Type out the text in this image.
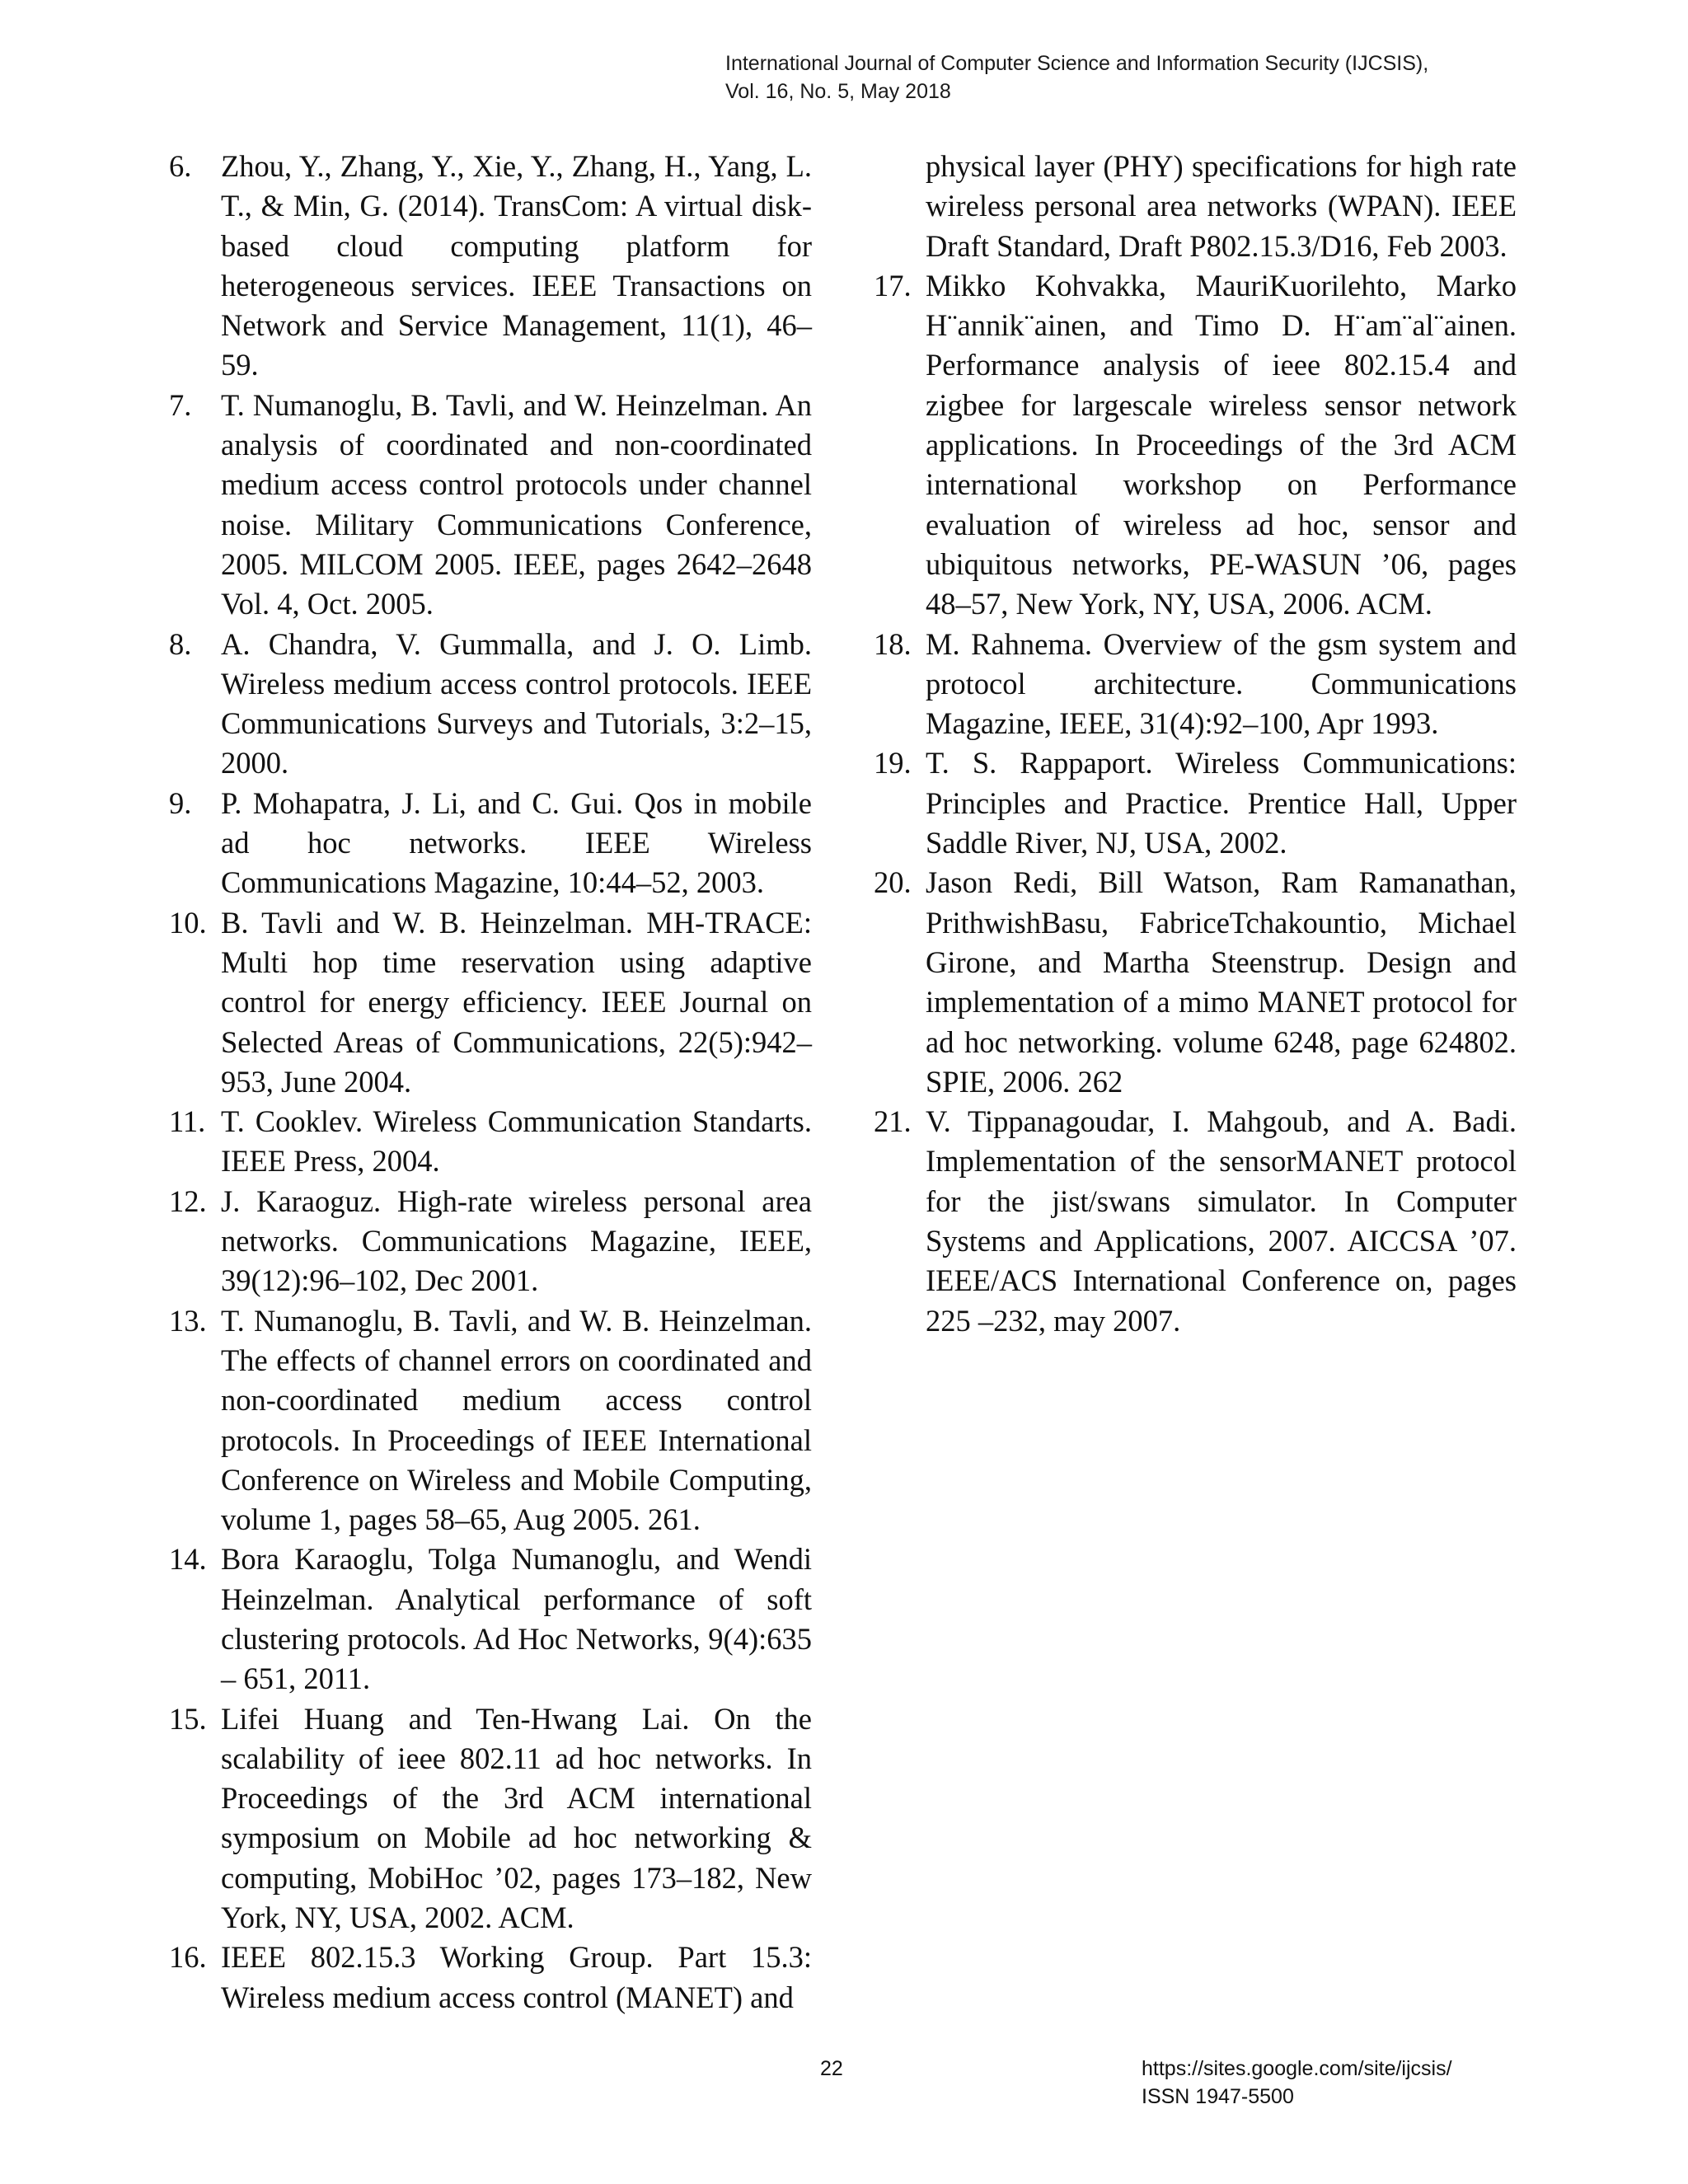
International Journal of Computer Science and Information Security (IJCSIS),
Vol. 16, No. 5, May 2018
6. Zhou, Y., Zhang, Y., Xie, Y., Zhang, H., Yang, L. T., & Min, G. (2014). TransCom: A virtual disk-based cloud computing platform for heterogeneous services. IEEE Transactions on Network and Service Management, 11(1), 46–59.
7. T. Numanoglu, B. Tavli, and W. Heinzelman. An analysis of coordinated and non-coordinated medium access control protocols under channel noise. Military Communications Conference, 2005. MILCOM 2005. IEEE, pages 2642–2648 Vol. 4, Oct. 2005.
8. A. Chandra, V. Gummalla, and J. O. Limb. Wireless medium access control protocols. IEEE Communications Surveys and Tutorials, 3:2–15, 2000.
9. P. Mohapatra, J. Li, and C. Gui. Qos in mobile ad hoc networks. IEEE Wireless Communications Magazine, 10:44–52, 2003.
10. B. Tavli and W. B. Heinzelman. MH-TRACE: Multi hop time reservation using adaptive control for energy efficiency. IEEE Journal on Selected Areas of Communications, 22(5):942–953, June 2004.
11. T. Cooklev. Wireless Communication Standarts. IEEE Press, 2004.
12. J. Karaoguz. High-rate wireless personal area networks. Communications Magazine, IEEE, 39(12):96–102, Dec 2001.
13. T. Numanoglu, B. Tavli, and W. B. Heinzelman. The effects of channel errors on coordinated and non-coordinated medium access control protocols. In Proceedings of IEEE International Conference on Wireless and Mobile Computing, volume 1, pages 58–65, Aug 2005. 261.
14. Bora Karaoglu, Tolga Numanoglu, and Wendi Heinzelman. Analytical performance of soft clustering protocols. Ad Hoc Networks, 9(4):635 – 651, 2011.
15. Lifei Huang and Ten-Hwang Lai. On the scalability of ieee 802.11 ad hoc networks. In Proceedings of the 3rd ACM international symposium on Mobile ad hoc networking & computing, MobiHoc ’02, pages 173–182, New York, NY, USA, 2002. ACM.
16. IEEE 802.15.3 Working Group. Part 15.3: Wireless medium access control (MANET) and
physical layer (PHY) specifications for high rate wireless personal area networks (WPAN). IEEE Draft Standard, Draft P802.15.3/D16, Feb 2003.
17. Mikko Kohvakka, MauriKuorilehto, Marko H¨annik¨ainen, and Timo D. H¨am¨al¨ainen. Performance analysis of ieee 802.15.4 and zigbee for largescale wireless sensor network applications. In Proceedings of the 3rd ACM international workshop on Performance evaluation of wireless ad hoc, sensor and ubiquitous networks, PE-WASUN ’06, pages 48–57, New York, NY, USA, 2006. ACM.
18. M. Rahnema. Overview of the gsm system and protocol architecture. Communications Magazine, IEEE, 31(4):92–100, Apr 1993.
19. T. S. Rappaport. Wireless Communications: Principles and Practice. Prentice Hall, Upper Saddle River, NJ, USA, 2002.
20. Jason Redi, Bill Watson, Ram Ramanathan, PrithwishBasu, FabriceTchakountio, Michael Girone, and Martha Steenstrup. Design and implementation of a mimo MANET protocol for ad hoc networking. volume 6248, page 624802. SPIE, 2006. 262
21. V. Tippanagoudar, I. Mahgoub, and A. Badi. Implementation of the sensorMANET protocol for the jist/swans simulator. In Computer Systems and Applications, 2007. AICCSA ’07. IEEE/ACS International Conference on, pages 225 –232, may 2007.
22	https://sites.google.com/site/ijcsis/
ISSN 1947-5500
